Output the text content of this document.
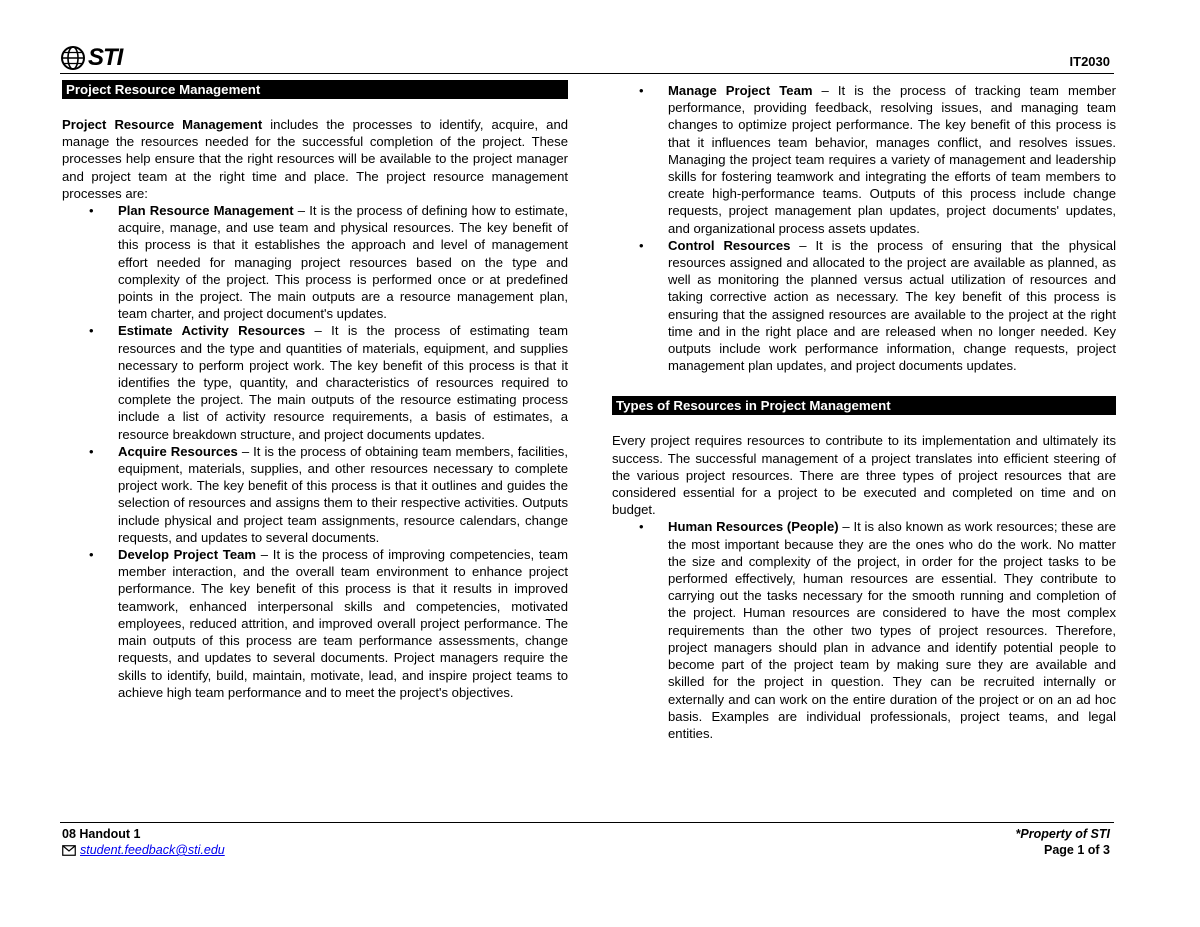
STI	IT2030
Project Resource Management

Project Resource Management includes the processes to identify, acquire, and manage the resources needed for the successful completion of the project. These processes help ensure that the right resources will be available to the project manager and project team at the right time and place. The project resource management processes are:

• Plan Resource Management – It is the process of defining how to estimate, acquire, manage, and use team and physical resources. The key benefit of this process is that it establishes the approach and level of management effort needed for managing project resources based on the type and complexity of the project. This process is performed once or at predefined points in the project. The main outputs are a resource management plan, team charter, and project document's updates.
• Estimate Activity Resources – It is the process of estimating team resources and the type and quantities of materials, equipment, and supplies necessary to perform project work. The key benefit of this process is that it identifies the type, quantity, and characteristics of resources required to complete the project. The main outputs of the resource estimating process include a list of activity resource requirements, a basis of estimates, a resource breakdown structure, and project documents updates.
• Acquire Resources – It is the process of obtaining team members, facilities, equipment, materials, supplies, and other resources necessary to complete project work. The key benefit of this process is that it outlines and guides the selection of resources and assigns them to their respective activities. Outputs include physical and project team assignments, resource calendars, change requests, and updates to several documents.
• Develop Project Team – It is the process of improving competencies, team member interaction, and the overall team environment to enhance project performance. The key benefit of this process is that it results in improved teamwork, enhanced interpersonal skills and competencies, motivated employees, reduced attrition, and improved overall project performance. The main outputs of this process are team performance assessments, change requests, and updates to several documents. Project managers require the skills to identify, build, maintain, motivate, lead, and inspire project teams to achieve high team performance and to meet the project's objectives.
• Manage Project Team – It is the process of tracking team member performance, providing feedback, resolving issues, and managing team changes to optimize project performance. The key benefit of this process is that it influences team behavior, manages conflict, and resolves issues. Managing the project team requires a variety of management and leadership skills for fostering teamwork and integrating the efforts of team members to create high-performance teams. Outputs of this process include change requests, project management plan updates, project documents' updates, and organizational process assets updates.
• Control Resources – It is the process of ensuring that the physical resources assigned and allocated to the project are available as planned, as well as monitoring the planned versus actual utilization of resources and taking corrective action as necessary. The key benefit of this process is ensuring that the assigned resources are available to the project at the right time and in the right place and are released when no longer needed. Key outputs include work performance information, change requests, project management plan updates, and project documents updates.
Types of Resources in Project Management

Every project requires resources to contribute to its implementation and ultimately its success. The successful management of a project translates into efficient steering of the various project resources. There are three types of project resources that are considered essential for a project to be executed and completed on time and on budget.

• Human Resources (People) – It is also known as work resources; these are the most important because they are the ones who do the work. No matter the size and complexity of the project, in order for the project tasks to be performed effectively, human resources are essential. They contribute to carrying out the tasks necessary for the smooth running and completion of the project. Human resources are considered to have the most complex requirements than the other two types of project resources. Therefore, project managers should plan in advance and identify potential people to become part of the project team by making sure they are available and skilled for the project in question. They can be recruited internally or externally and can work on the entire duration of the project or on an ad hoc basis. Examples are individual professionals, project teams, and legal entities.
08 Handout 1
student.feedback@sti.edu
*Property of STI
Page 1 of 3
